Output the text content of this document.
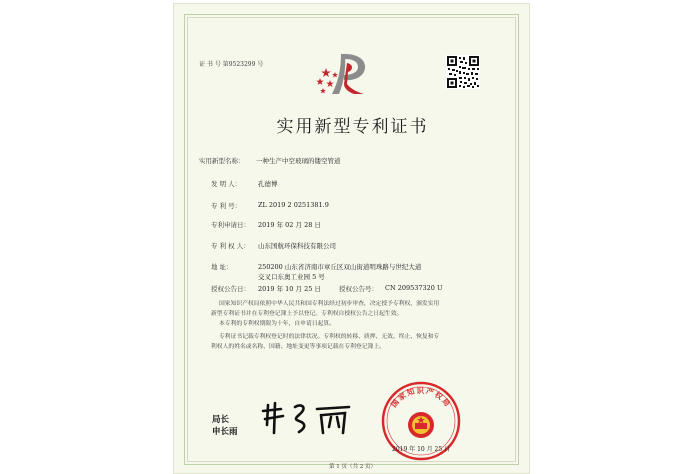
证 书 号 第9523299 号
实用新型专利证书
实用新型名称： 一种生产中空玻璃的镂空管道
发 明 人：	孔德博
专 利 号：	ZL 2019 2 0251381.9
专利申请日： 2019 年 02 月 28 日
专 利 权 人： 山东国航环保科技有限公司
地 址：	250200 山东省济南市章丘区双山街道明珠路与世纪大道
交叉口东奥工业园 5 号
授权公告日： 2019 年 10 月 25 日	授权公告号： CN 209537320 U
国家知识产权局依照中华人民共和国专利法经过初步审查，决定授予专利权，颁发实用
新型专利证书并在专利登记簿上予以登记。专利权自授权公告之日起生效。
本专利的专利权期限为十年，自申请日起算。
专利证书记载专利权登记时的法律状况。专利权的转移、质押、无效、终止、恢复和专
利权人的姓名或名称、国籍、地址变更等事项记载在专利登记簿上。
局长
申长雨
国家知识产权局
2019 年 10 月 25 日
第 1 页（共 2 页）
